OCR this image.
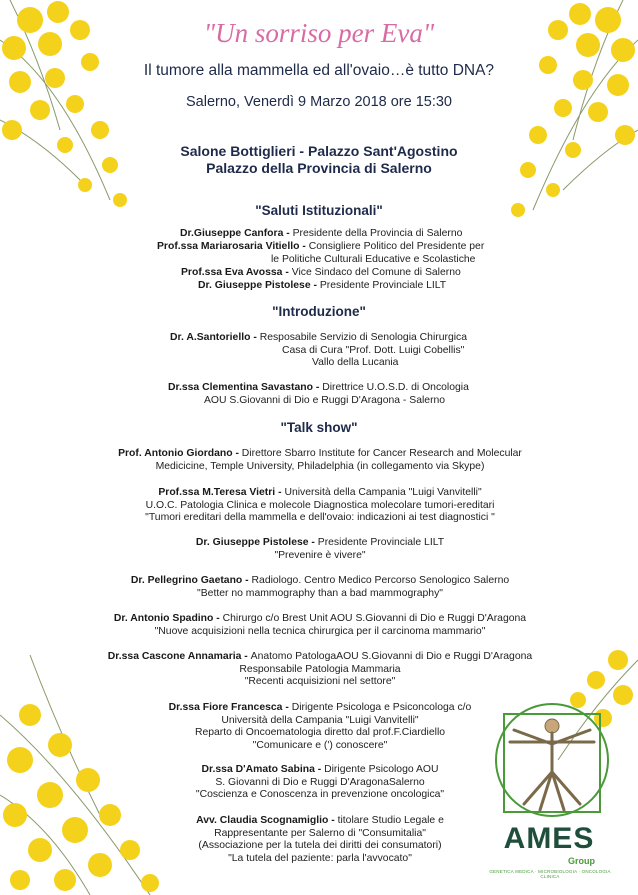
"Un sorriso per Eva"
Il tumore alla mammella ed all'ovaio…è tutto DNA?
Salerno, Venerdì 9 Marzo 2018 ore 15:30
Salone Bottiglieri - Palazzo Sant'Agostino
Palazzo della Provincia di Salerno
"Saluti Istituzionali"
Dr.Giuseppe Canfora - Presidente della Provincia di Salerno
Prof.ssa Mariarosaria Vitiello - Consigliere Politico del Presidente per
le Politiche Culturali Educative e Scolastiche
Prof.ssa Eva Avossa - Vice Sindaco del Comune di Salerno
Dr. Giuseppe Pistolese - Presidente Provinciale LILT
"Introduzione"
Dr. A.Santoriello - Resposabile Servizio di Senologia Chirurgica
Casa di Cura "Prof. Dott. Luigi Cobellis"
Vallo della Lucania
Dr.ssa Clementina Savastano - Direttrice U.O.S.D. di Oncologia
AOU S.Giovanni di Dio e Ruggi D'Aragona - Salerno
"Talk show"
Prof. Antonio Giordano - Direttore Sbarro Institute for Cancer Research and Molecular
Medicicine, Temple University, Philadelphia (in collegamento via Skype)
Prof.ssa M.Teresa Vietri - Università della Campania "Luigi Vanvitelli"
U.O.C. Patologia Clinica e molecole Diagnostica molecolare tumori-ereditari
"Tumori ereditari della mammella e dell'ovaio: indicazioni ai test diagnostici "
Dr. Giuseppe Pistolese - Presidente Provinciale LILT
"Prevenire è vivere"
Dr. Pellegrino Gaetano - Radiologo. Centro Medico Percorso Senologico Salerno
"Better no mammography than a bad mammography"
Dr. Antonio Spadino - Chirurgo c/o Brest Unit AOU S.Giovanni di Dio e Ruggi D'Aragona
"Nuove acquisizioni nella tecnica chirurgica per il carcinoma mammario"
Dr.ssa Cascone Annamaria - Anatomo PatologaAOU S.Giovanni di Dio e Ruggi D'Aragona
Responsabile Patologia Mammaria
"Recenti acquisizioni nel settore"
Dr.ssa Fiore Francesca - Dirigente Psicologa e Psiconcologa c/o
Università della Campania "Luigi Vanvitelli"
Reparto di Oncoematologia diretto dal prof.F.Ciardiello
"Comunicare e (') conoscere"
Dr.ssa D'Amato Sabina - Dirigente Psicologo AOU
S. Giovanni di Dio e Ruggi D'AragonaSalerno
"Coscienza e Conoscenza in prevenzione oncologica"
Avv. Claudia Scognamiglio - titolare Studio Legale e
Rappresentante per Salerno di "Consumitalia"
(Associazione per la tutela dei diritti dei consumatori)
"La tutela del paziente: parla l'avvocato"
AMES
Group
GENETICA MEDICA · MICROBIOLOGIA · ONCOLOGIA CLINICA
